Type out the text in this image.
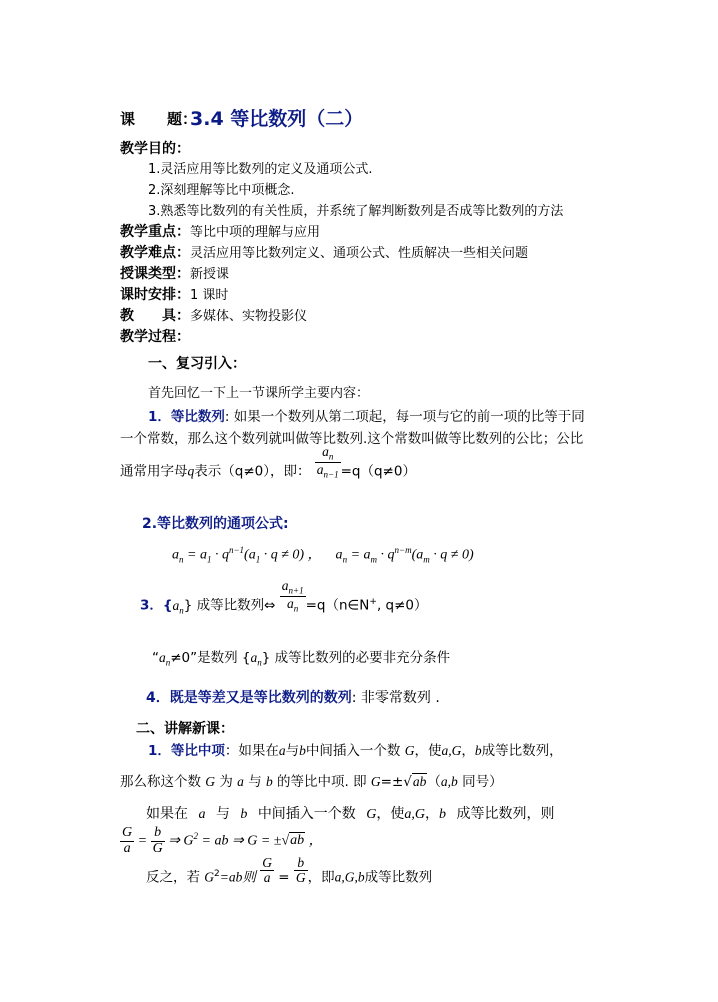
课 题：
3.4 等比数列（二）
教学目的：
1.灵活应用等比数列的定义及通项公式.
2.深刻理解等比中项概念.
3.熟悉等比数列的有关性质，并系统了解判断数列是否成等比数列的方法
教学重点：等比中项的理解与应用
教学难点：灵活应用等比数列定义、通项公式、性质解决一些相关问题
授课类型：新授课
课时安排：1 课时
教 具：多媒体、实物投影仪
教学过程：
一、复习引入：
首先回忆一下上一节课所学主要内容：
1．等比数列: 如果一个数列从第二项起，每一项与它的前一项的比等于同
一个常数，那么这个数列就叫做等比数列.这个常数叫做等比数列的公比；公比
通常用字母q表示（q≠0），即： $\frac{a_n}{a_{n-1}} =q(q\ne 0)$
2.等比数列的通项公式:
$a_n = a_1 \cdot q^{n-1}(a_1 \cdot q \ne 0)$ ，    $a_n = a_m \cdot q^{n-m}(a_m \cdot q \ne 0)$
3．$\{a_n\}$ 成等比数列⇔ $\frac{a_{n+1}}{a_n}$ =q（n∈N+, q≠0）
“$a_n\ne 0$”是数列 $\{a_n\}$ 成等比数列的必要非充分条件
4．既是等差又是等比数列的数列: 非零常数列 .
二、讲解新课：
1．等比中项：如果在a与b中间插入一个数 G，使a,G，b成等比数列，
那么称这个数 G 为 a 与 b 的等比中项. 即 G=±√ab（a,b 同号）
如果在 a 与 b 中间插入一个数 G，使a,G，b 成等比数列，则
$\frac{G}{a} = \frac{b}{G}$ ⇒ $G^2$ = ab ⇒ G = ±√ab ，
反之，若 $G^2=ab$则 $\frac{G}{a} = \frac{b}{G}$ ，即a,G,b成等比数列
